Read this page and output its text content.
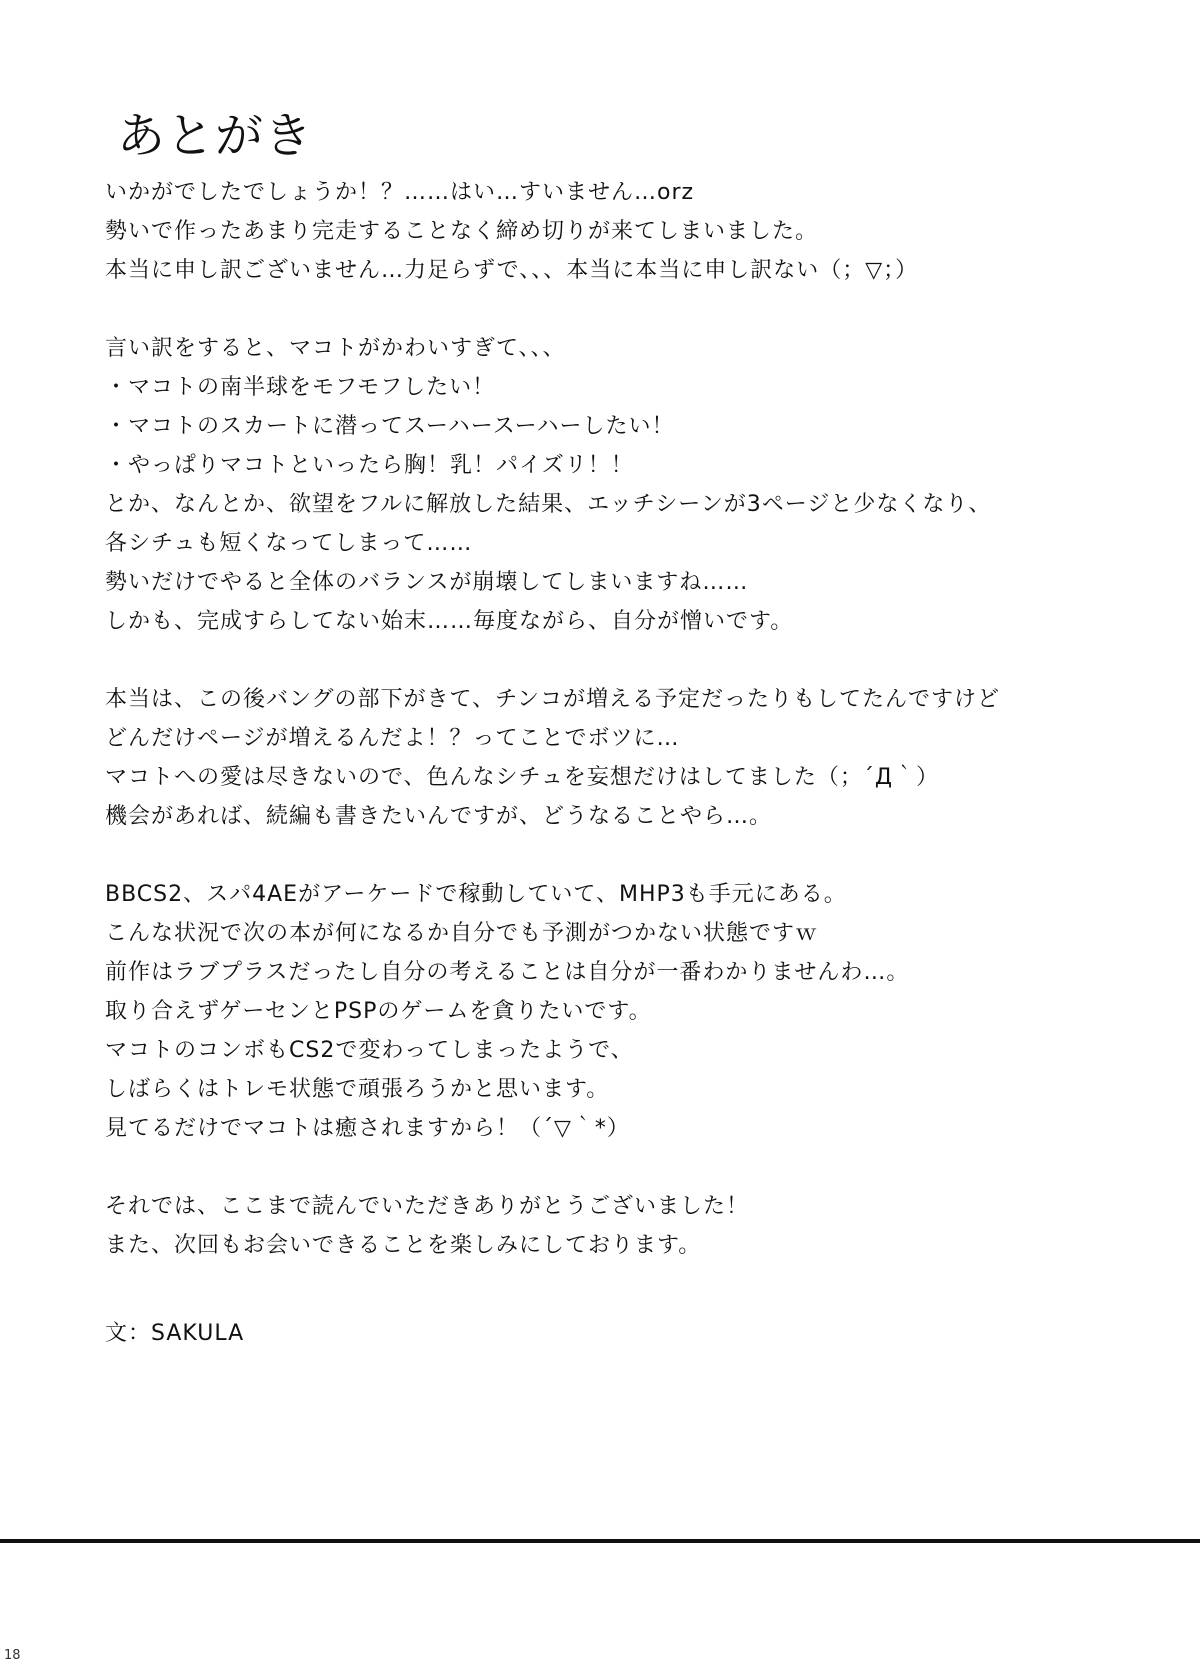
あとがき
いかがでしたでしょうか！？……はい…すいません…orz
勢いで作ったあまり完走することなく締め切りが来てしまいました。
本当に申し訳ございません…力足らずで、、、本当に本当に申し訳ない（；▽；）
言い訳をすると、マコトがかわいすぎて、、、
・マコトの南半球をモフモフしたい！
・マコトのスカートに潜ってスーハースーハーしたい！
・やっぱりマコトといったら胸！乳！パイズリ！！
とか、なんとか、欲望をフルに解放した結果、エッチシーンが3ページと少なくなり、
各シチュも短くなってしまって……
勢いだけでやると全体のバランスが崩壊してしまいますね……
しかも、完成すらしてない始末……毎度ながら、自分が憎いです。
本当は、この後バングの部下がきて、チンコが増える予定だったりもしてたんですけど
どんだけページが増えるんだよ！？ってことでボツに…
マコトへの愛は尽きないので、色んなシチュを妄想だけはしてました（；´Д｀）
機会があれば、続編も書きたいんですが、どうなることやら…。
BBCS2、スパ4AEがアーケードで稼動していて、MHP3も手元にある。
こんな状況で次の本が何になるか自分でも予測がつかない状態ですｗ
前作はラブプラスだったし自分の考えることは自分が一番わかりませんわ…。
取り合えずゲーセンとPSPのゲームを貪りたいです。
マコトのコンボもCS2で変わってしまったようで、
しばらくはトレモ状態で頑張ろうかと思います。
見てるだけでマコトは癒されますから！（´▽｀*）
それでは、ここまで読んでいただきありがとうございました！
また、次回もお会いできることを楽しみにしております。
文：SAKULA
18
